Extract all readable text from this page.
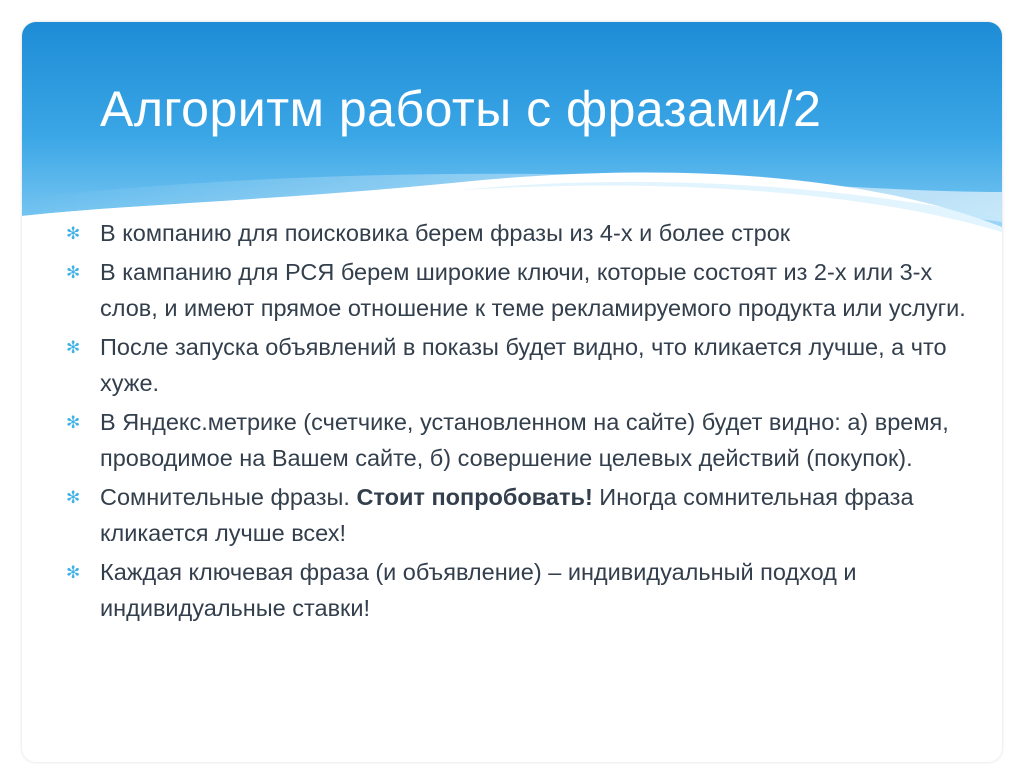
Алгоритм работы с фразами/2
✻ В компанию для поисковика берем фразы из 4-х и более строк
✻ В кампанию для РСЯ берем широкие ключи, которые состоят из 2-х или 3-х слов, и имеют прямое отношение к теме рекламируемого продукта или услуги.
✻ После запуска объявлений в показы будет видно, что кликается лучше, а что хуже.
✻ В Яндекс.метрике (счетчике, установленном на сайте) будет видно: а) время, проводимое на Вашем сайте, б) совершение целевых действий (покупок).
✻ Сомнительные фразы. Стоит попробовать! Иногда сомнительная фраза кликается лучше всех!
✻ Каждая ключевая фраза (и объявление) – индивидуальный подход и индивидуальные ставки!
